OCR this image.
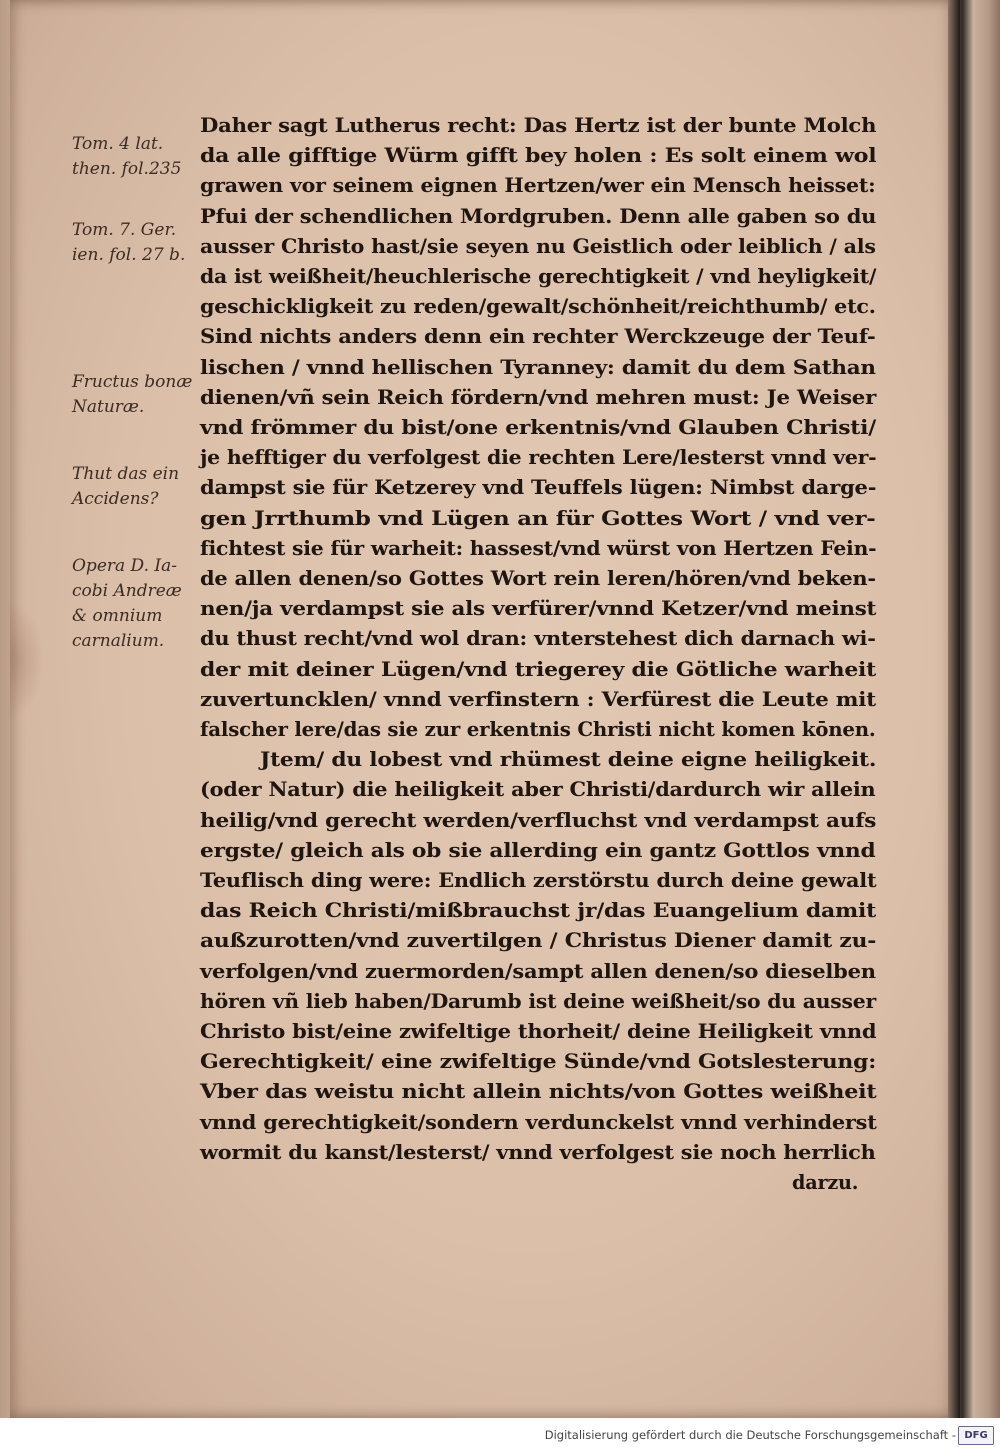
Tom. 4 lat.
then. fol.235
Tom. 7. Ger.
ien. fol. 27 b.
Fructus bonæ
Naturæ.
Thut das ein
Accidens?
Opera D. Ia-
cobi Andreæ
& omnium
carnalium.
Daher sagt Lutherus recht: Das Hertz ist der bunte Molch
da alle gifftige Würm gifft bey holen : Es solt einem wol
grawen vor seinem eignen Hertzen/wer ein Mensch heisset:
Pfui der schendlichen Mordgruben. Denn alle gaben so du
ausser Christo hast/sie seyen nu Geistlich oder leiblich / als
da ist weißheit/heuchlerische gerechtigkeit / vnd heyligkeit/
geschickligkeit zu reden/gewalt/schönheit/reichthumb/ etc.
Sind nichts anders denn ein rechter Werckzeuge der Teuf-
lischen / vnnd hellischen Tyranney: damit du dem Sathan
dienen/vñ sein Reich fördern/vnd mehren must: Je Weiser
vnd frömmer du bist/one erkentnis/vnd Glauben Christi/
je hefftiger du verfolgest die rechten Lere/lesterst vnnd ver-
dampst sie für Ketzerey vnd Teuffels lügen: Nimbst darge-
gen Jrrthumb vnd Lügen an für Gottes Wort / vnd ver-
fichtest sie für warheit: hassest/vnd würst von Hertzen Fein-
de allen denen/so Gottes Wort rein leren/hören/vnd beken-
nen/ja verdampst sie als verfürer/vnnd Ketzer/vnd meinst
du thust recht/vnd wol dran: vnterstehest dich darnach wi-
der mit deiner Lügen/vnd triegerey die Götliche warheit
zuvertuncklen/ vnnd verfinstern : Verfürest die Leute mit
falscher lere/das sie zur erkentnis Christi nicht komen kōnen.
Jtem/ du lobest vnd rhümest deine eigne heiligkeit.
(oder Natur) die heiligkeit aber Christi/dardurch wir allein
heilig/vnd gerecht werden/verfluchst vnd verdampst aufs
ergste/ gleich als ob sie allerding ein gantz Gottlos vnnd
Teuflisch ding were: Endlich zerstörstu durch deine gewalt
das Reich Christi/mißbrauchst jr/das Euangelium damit
außzurotten/vnd zuvertilgen / Christus Diener damit zu-
verfolgen/vnd zuermorden/sampt allen denen/so dieselben
hören vñ lieb haben/Darumb ist deine weißheit/so du ausser
Christo bist/eine zwifeltige thorheit/ deine Heiligkeit vnnd
Gerechtigkeit/ eine zwifeltige Sünde/vnd Gotslesterung:
Vber das weistu nicht allein nichts/von Gottes weißheit
vnnd gerechtigkeit/sondern verdunckelst vnnd verhinderst
wormit du kanst/lesterst/ vnnd verfolgest sie noch herrlich
darzu.
Digitalisierung gefördert durch die Deutsche Forschungsgemeinschaft - DFG
